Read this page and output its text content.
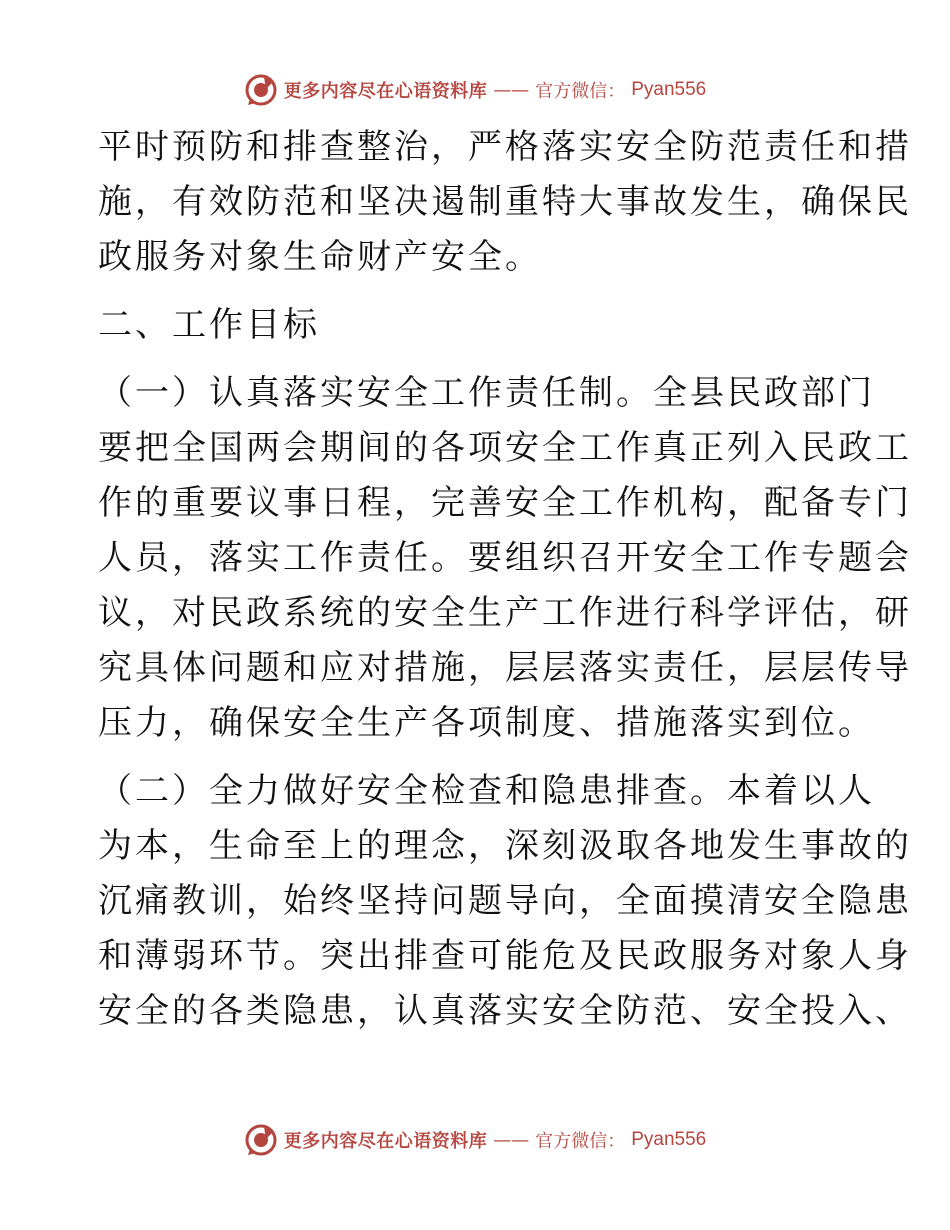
更多内容尽在心语资料库 —— 官方微信： Pyan556
平时预防和排查整治，严格落实安全防范责任和措
施，有效防范和坚决遏制重特大事故发生，确保民
政服务对象生命财产安全。
二、工作目标
（一）认真落实安全工作责任制。全县民政部门
要把全国两会期间的各项安全工作真正列入民政工
作的重要议事日程，完善安全工作机构，配备专门
人员，落实工作责任。要组织召开安全工作专题会
议，对民政系统的安全生产工作进行科学评估，研
究具体问题和应对措施，层层落实责任，层层传导
压力，确保安全生产各项制度、措施落实到位。
（二）全力做好安全检查和隐患排查。本着以人
为本，生命至上的理念，深刻汲取各地发生事故的
沉痛教训，始终坚持问题导向，全面摸清安全隐患
和薄弱环节。突出排查可能危及民政服务对象人身
安全的各类隐患，认真落实安全防范、安全投入、
更多内容尽在心语资料库 —— 官方微信： Pyan556
